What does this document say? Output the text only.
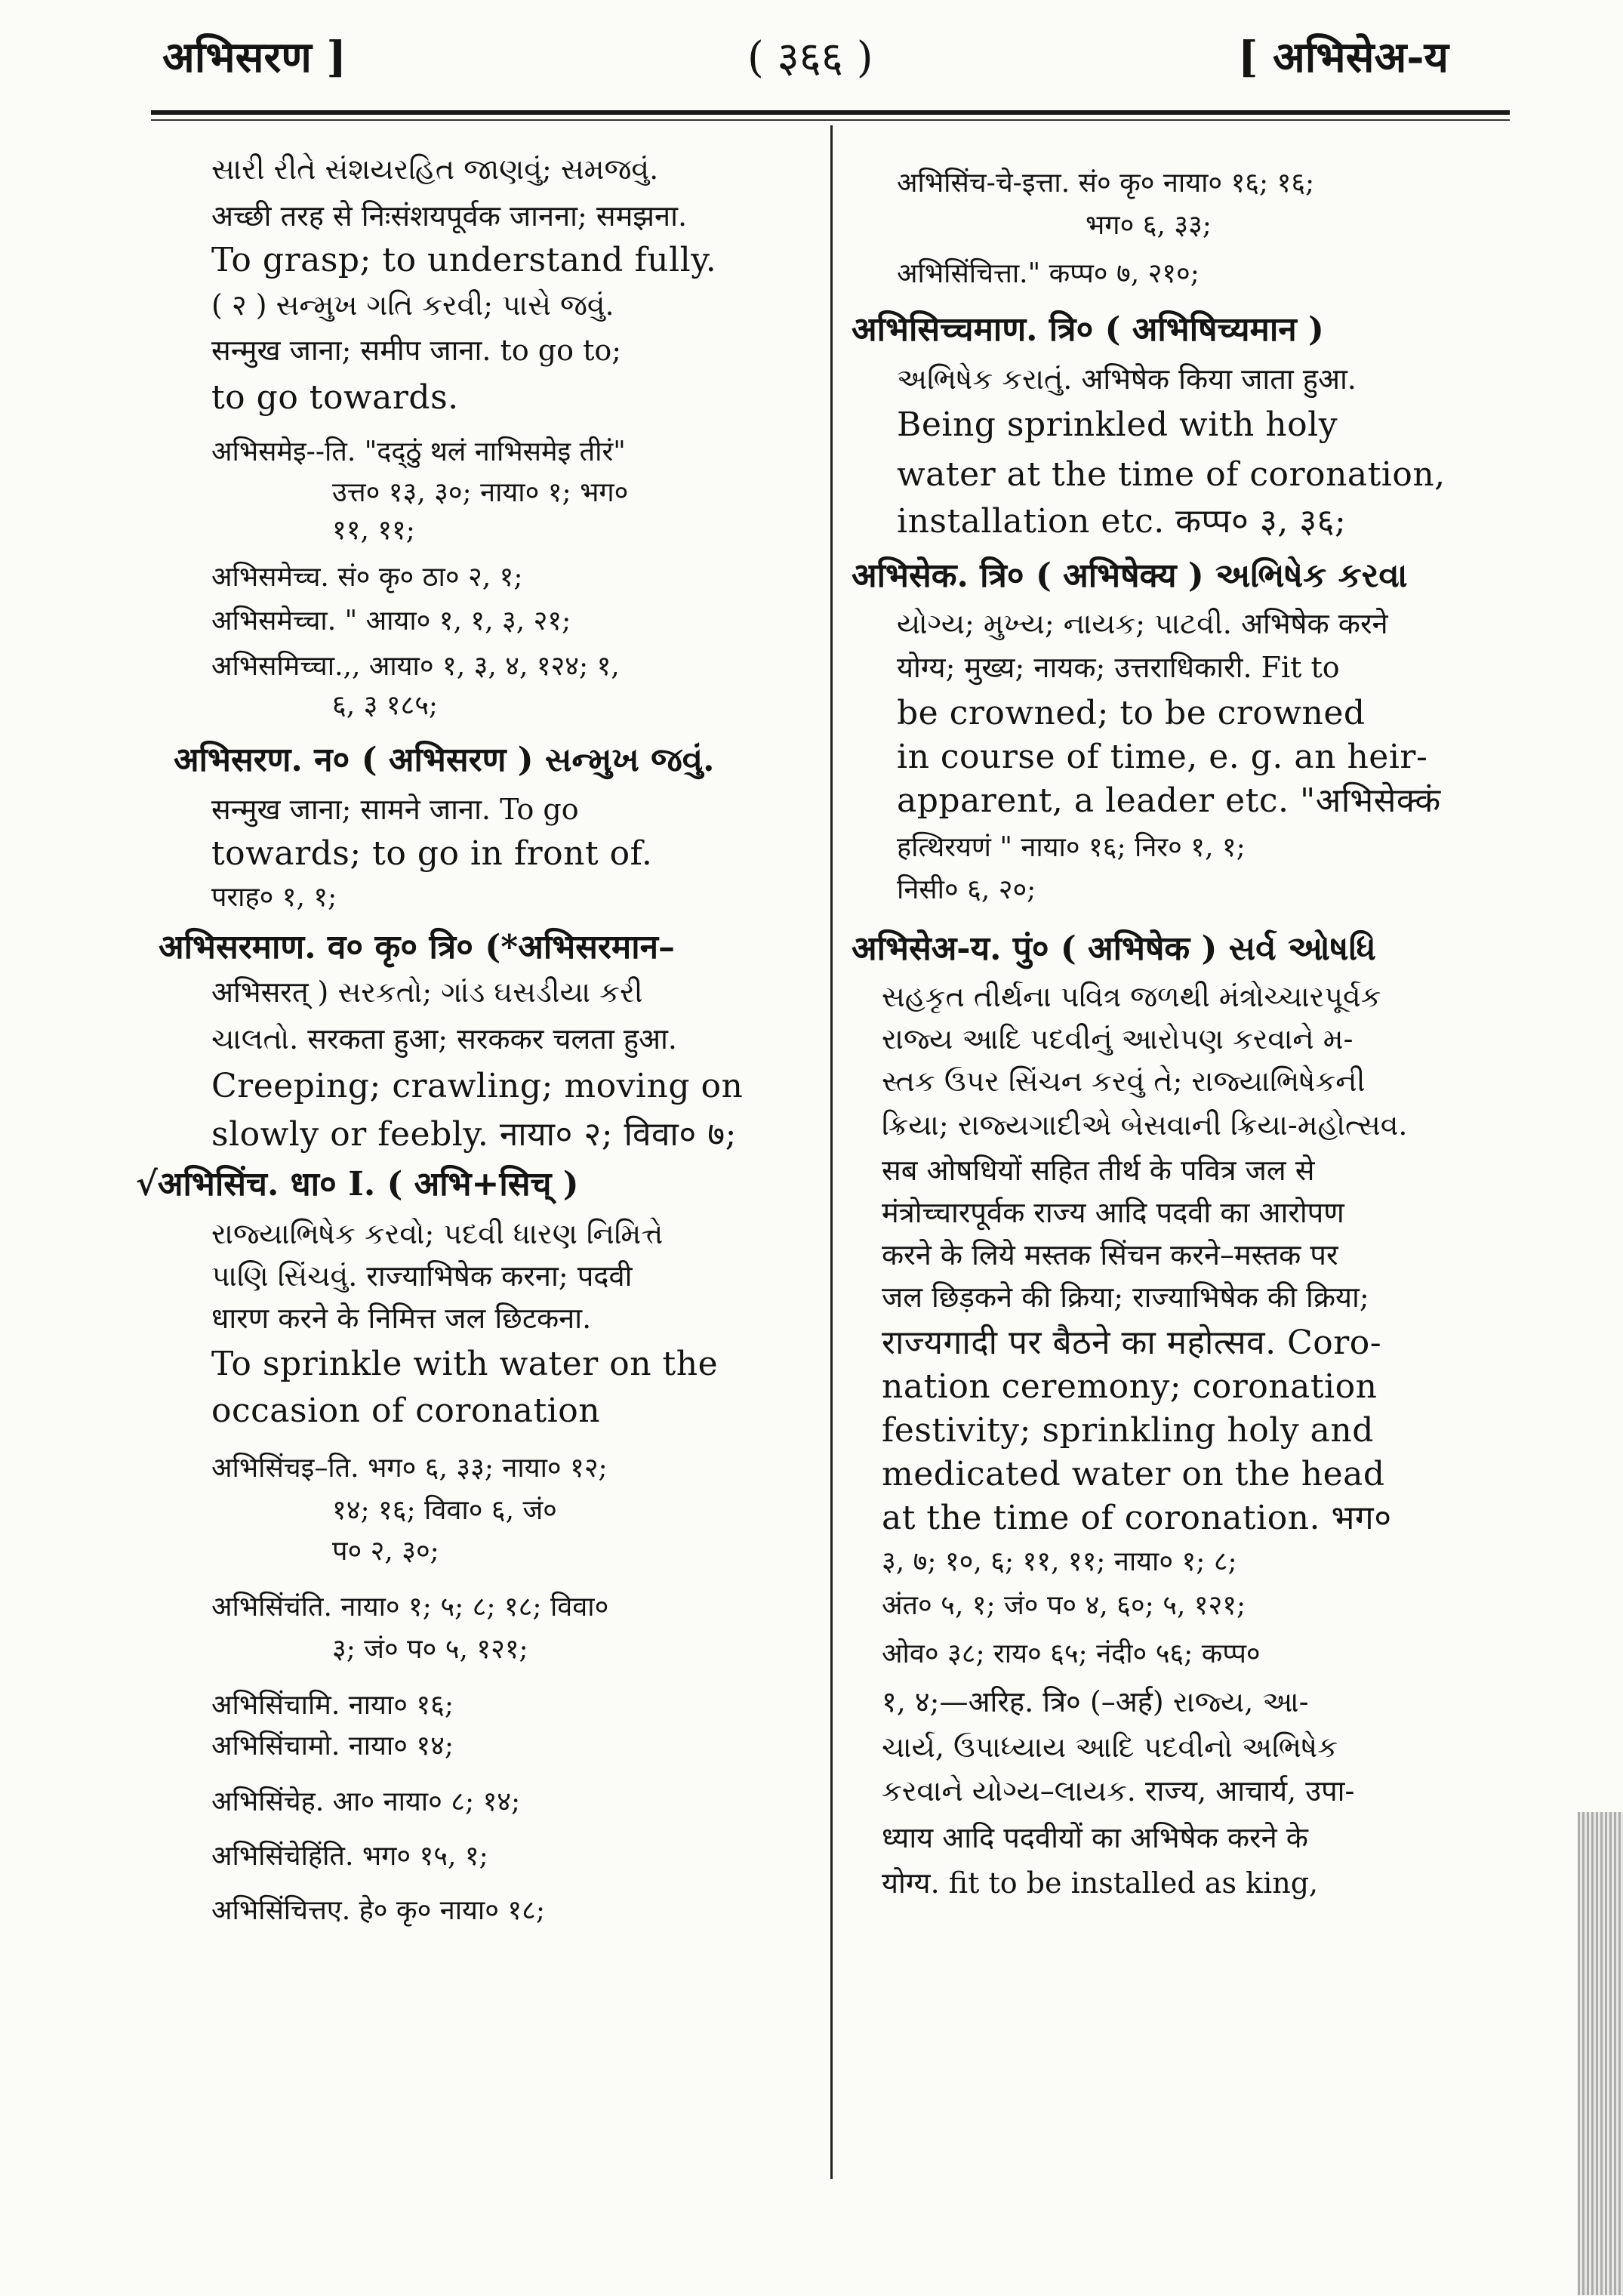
अभिसरण ]	( ३६६ )	[ अभिसेअ-य
સારી રીતે સંશયરહિત જાણવું; સમજવું.
अच्छी तरह से निःसंशयपूर्वक जानना; समझना.
To grasp; to understand fully.
( २ ) સન્મુખ ગતિ કરવી; પાસે જવું.
सन्मुख जाना; समीप जाना. to go to;
to go towards.
अभिसमेइ--ति. "दद्ठुं थलं नाभिसमेइ तीरं"
उत्त० १३, ३०; नाया० १; भग०
११, ११;
अभिसमेच्च. सं० कृ० ठा० २, १;
अभिसमेच्चा. " आया० १, १, ३, २१;
अभिसमिच्चा.,, आया० १, ३, ४, १२४; १,
६, ३ १८५;
अभिसरण. न० ( अभिसरण ) સન્મુખ જવું.
सन्मुख जाना; सामने जाना. To go
towards; to go in front of.
पराह० १, १;
अभिसरमाण. व० कृ० त्रि० (*अभिसरमान–
अभिसरत् ) સરકતો; ગાંડ ઘસડીયા કરી
ચાલતો. सरकता हुआ; सरककर चलता हुआ.
Creeping; crawling; moving on
slowly or feebly. नाया० २; विवा० ७;
√अभिसिंच. धा० I. ( अभि+सिच् )
રાજ્યાભિષેક કરવો; પદવી ધારણ નિમિત્તે
પાણિ સિંચવું. राज्याभिषेक करना; पदवी
धारण करने के निमित्त जल छिटकना.
To sprinkle with water on the
occasion of coronation
अभिसिंचइ–ति. भग० ६, ३३; नाया० १२;
१४; १६; विवा० ६, जं०
प० २, ३०;
अभिसिंचंति. नाया० १; ५; ८; १८; विवा०
३; जं० प० ५, १२१;
अभिसिंचामि. नाया० १६;
अभिसिंचामो. नाया० १४;
अभिसिंचेह. आ० नाया० ८; १४;
अभिसिंचेहिंति. भग० १५, १;
अभिसिंचित्तए. हे० कृ० नाया० १८;
अभिसिंच-चे-इत्ता. सं० कृ० नाया० १६; १६;
भग० ६, ३३;
अभिसिंचित्ता." कप्प० ७, २१०;
अभिसिच्चमाण. त्रि० ( अभिषिच्यमान )
અભિષેક કરાતું. अभिषेक किया जाता हुआ.
Being sprinkled with holy
water at the time of coronation,
installation etc. कप्प० ३, ३६;
अभिसेक. त्रि० ( अभिषेक्य ) અભિષેક કરવા
યોગ્ય; મુખ્ય; નાયક; પાટવી. अभिषेक करने
योग्य; मुख्य; नायक; उत्तराधिकारी. Fit to
be crowned; to be crowned
in course of time, e. g. an heir-
apparent, a leader etc. "अभिसेक्कं
हत्थिरयणं " नाया० १६; निर० १, १;
निसी० ६, २०;
अभिसेअ-य. पुं० ( अभिषेक ) સર્વ ઓષધિ
સહકૃત તીર્થના પવિત્ર જળથી મંત્રોચ્ચારપૂર્વક
રાજ્ય આદિ પદવીનું આરોપણ કરવાને મ-
સ્તક ઉપર સિંચન કરવું તે; રાજ્યાભિષેકની
ક્રિયા; રાજ્યગાદીએ બેસવાની ક્રિયા-મહોત્સવ.
सब ओषधियों सहित तीर्थ के पवित्र जल से
मंत्रोच्चारपूर्वक राज्य आदि पदवी का आरोपण
करने के लिये मस्तक सिंचन करने–मस्तक पर
जल छिड़कने की क्रिया; राज्याभिषेक की क्रिया;
राज्यगादी पर बैठने का महोत्सव. Coro-
nation ceremony; coronation
festivity; sprinkling holy and
medicated water on the head
at the time of coronation. भग०
३, ७; १०, ६; ११, ११; नाया० १; ८;
अंत० ५, १; जं० प० ४, ६०; ५, १२१;
ओव० ३८; राय० ६५; नंदी० ५६; कप्प०
१, ४;—अरिह. त्रि० (–अर्ह) રાજ્ય, આ-
ચાર્ય, ઉપાધ્યાય આદિ પદવીનો અભિષેક
કરવાને યોગ્ય–લાયક. राज्य, आचार्य, उपा-
ध्याय आदि पदवीयों का अभिषेक करने के
योग्य. fit to be installed as king,
